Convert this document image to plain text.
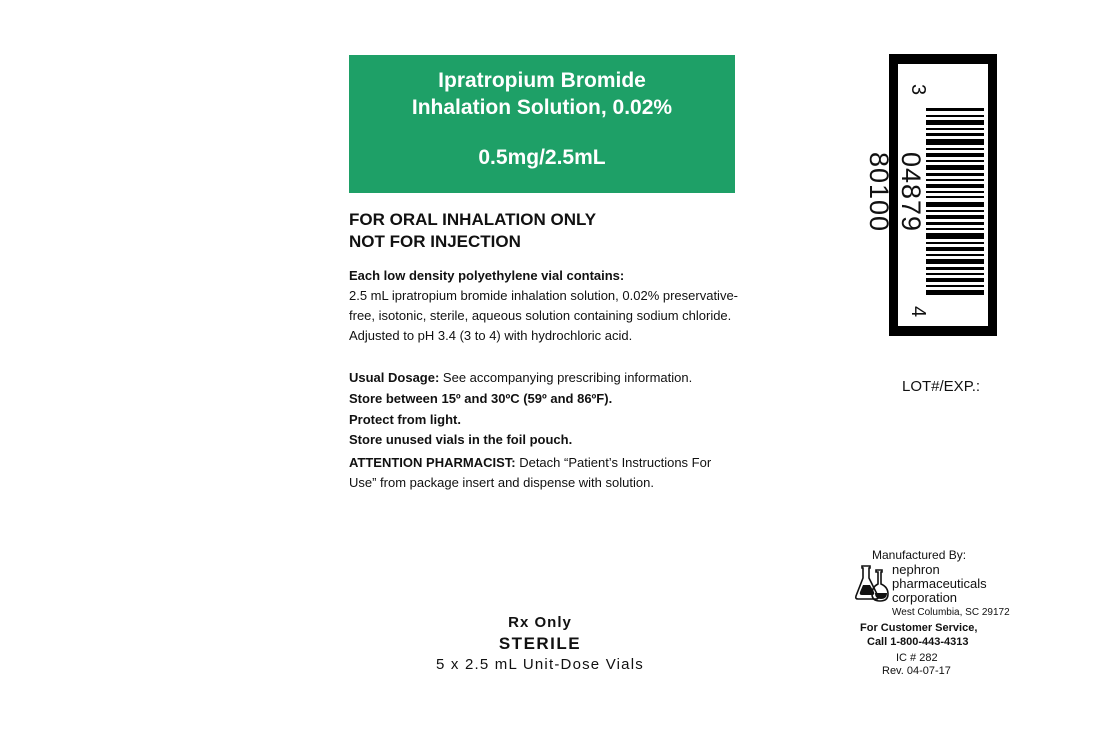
Ipratropium Bromide
Inhalation Solution, 0.02%
0.5mg/2.5mL
FOR ORAL INHALATION ONLY
NOT FOR INJECTION
Each low density polyethylene vial contains:
2.5 mL ipratropium bromide inhalation solution, 0.02% preservative-free, isotonic, sterile, aqueous solution containing sodium chloride. Adjusted to pH 3.4 (3 to 4) with hydrochloric acid.
Usual Dosage: See accompanying prescribing information.
Store between 15º and 30ºC (59º and 86ºF).
Protect from light.
Store unused vials in the foil pouch.
ATTENTION PHARMACIST: Detach “Patient’s Instructions For Use” from package insert and dispense with solution.
3
04879 80100
4
LOT#/EXP.:
Rx Only
STERILE
5 x 2.5 mL Unit-Dose Vials
Manufactured By:
nephron
pharmaceuticals
corporation
West Columbia, SC 29172
For Customer Service,
Call 1-800-443-4313
IC # 282
Rev. 04-07-17
